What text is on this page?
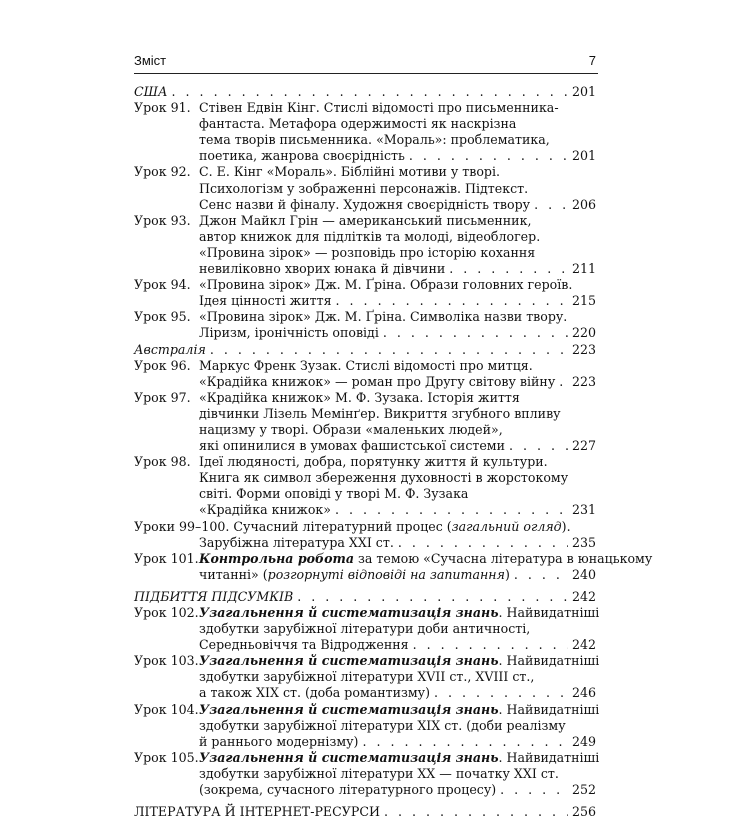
Зміст	7
США . . .	201
Урок 91. Стівен Едвін Кінг. Стислі відомості про письменника-
фантаста. Метафора одержимості як наскрізна
тема творів письменника. «Мораль»: проблематика,
поетика, жанрова своєрідність . . .	201
Урок 92. С. Е. Кінг «Мораль». Біблійні мотиви у творі.
Психологізм у зображенні персонажів. Підтекст.
Сенс назви й фіналу. Художня своєрідність твору . . .	206
Урок 93. Джон Майкл Грін — американський письменник,
автор книжок для підлітків та молоді, відеоблогер.
«Провина зірок» — розповідь про історію кохання
невиліковно хворих юнака й дівчини . . .	211
Урок 94. «Провина зірок» Дж. М. Ґріна. Образи головних героїв.
Ідея цінності життя . . .	215
Урок 95. «Провина зірок» Дж. М. Ґріна. Символіка назви твору.
Ліризм, іронічність оповіді . . .	220
Австралія . . .	223
Урок 96. Маркус Френк Зузак. Стислі відомості про митця.
«Крадійка книжок» — роман про Другу світову війну . . . 223
Урок 97. «Крадійка книжок» М. Ф. Зузака. Історія життя
дівчинки Лізель Мемінґер. Викриття згубного впливу
нацизму у творі. Образи «маленьких людей»,
які опинилися в умовах фашистської системи . . .	227
Урок 98. Ідеї людяності, добра, порятунку життя й культури.
Книга як символ збереження духовності в жорстокому
світі. Форми оповіді у творі М. Ф. Зузака
«Крадійка книжок» . . .	231
Уроки 99–100.
Сучасний літературний процес ( загальний огляд ).
Зарубіжна література ХХІ ст. . . .	235
Урок 101. Контрольна робота за темою «Сучасна література в юнацькому
читанні» ( розгорнуті відповіді на запитання ) . . .	240
ПІДБИТТЯ ПІДСУМКІВ . . .	242
Урок 102. Узагальнення й систематизація знань . Найвидатніші
здобутки зарубіжної літератури доби античності,
Середньовіччя та Відродження . . .	242
Урок 103. Узагальнення й систематизація знань . Найвидатніші
здобутки зарубіжної літератури XVII ст., XVIII ст.,
а також XIX ст. (доба романтизму) . . .	246
Урок 104. Узагальнення й систематизація знань . Найвидатніші
здобутки зарубіжної літератури XIX ст. (доби реалізму
й раннього модернізму) . . .	249
Урок 105. Узагальнення й систематизація знань . Найвидатніші
здобутки зарубіжної літератури XX — початку XXI ст.
(зокрема, сучасного літературного процесу) . . .	252
ЛІТЕРАТУРА Й ІНТЕРНЕТ-РЕСУРСИ . . .	256
